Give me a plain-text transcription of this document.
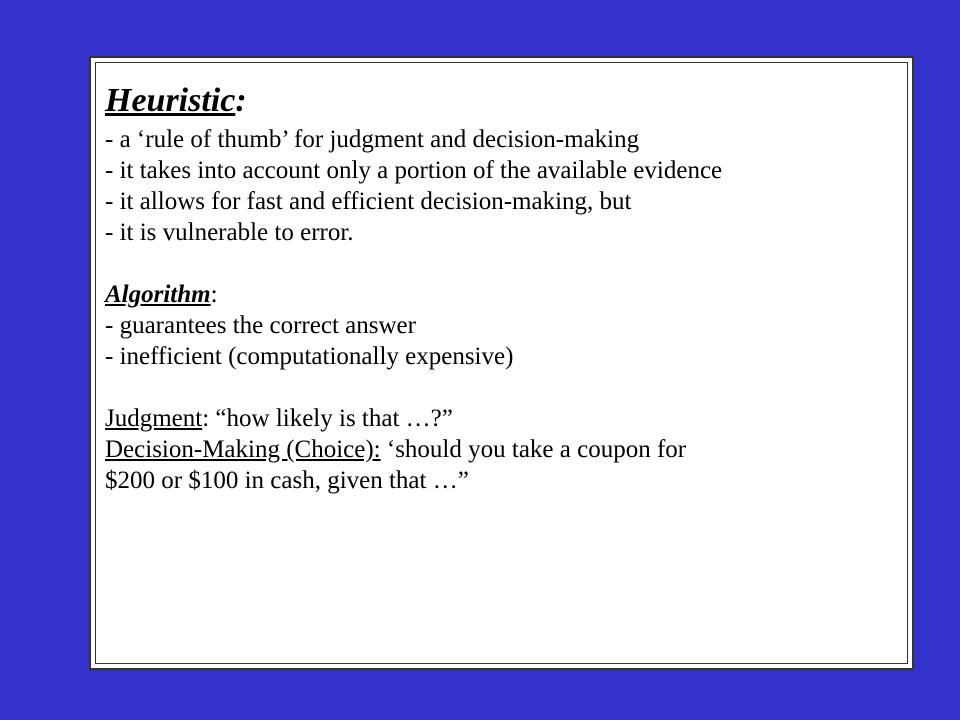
Heuristic:
- a ‘rule of thumb’ for judgment and decision-making
- it takes into account only a portion of the available evidence
- it allows for fast and efficient decision-making, but
- it is vulnerable to error.
Algorithm:
- guarantees the correct answer
- inefficient (computationally expensive)
Judgment: “how likely is that …?”
Decision-Making (Choice): ‘should you take a coupon for
$200 or $100 in cash, given that …”
